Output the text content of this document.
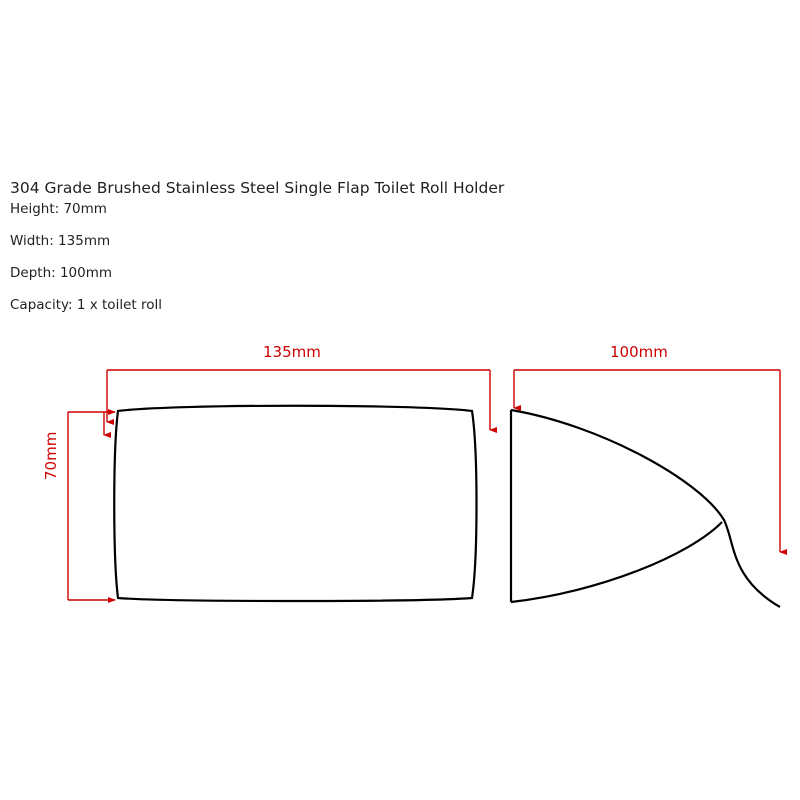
304 Grade Brushed Stainless Steel Single Flap Toilet Roll Holder

Height: 70mm

Width: 135mm

Depth: 100mm

Capacity: 1 x toilet roll

135mm	100mm
70mm
